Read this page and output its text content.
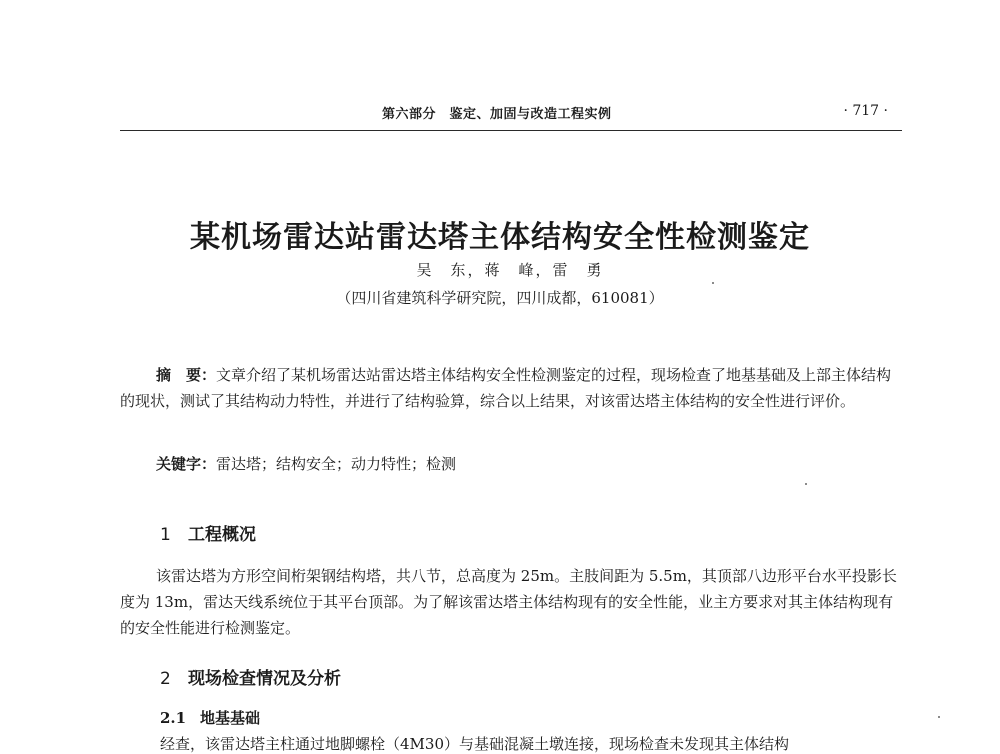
第六部分　鉴定、加固与改造工程实例	· 717 ·
某机场雷达站雷达塔主体结构安全性检测鉴定
吴　东，蒋　峰，雷　勇
（四川省建筑科学研究院，四川成都，610081）
摘　要：文章介绍了某机场雷达站雷达塔主体结构安全性检测鉴定的过程，现场检查了地基基础及上部主体结构的现状，测试了其结构动力特性，并进行了结构验算，综合以上结果，对该雷达塔主体结构的安全性进行评价。
关键字：雷达塔；结构安全；动力特性；检测
1 工程概况
该雷达塔为方形空间桁架钢结构塔，共八节，总高度为 25m。主肢间距为 5.5m，其顶部八边形平台水平投影长度为 13m，雷达天线系统位于其平台顶部。为了解该雷达塔主体结构现有的安全性能，业主方要求对其主体结构现有的安全性能进行检测鉴定。
2 现场检查情况及分析
2.1 地基基础
经查，该雷达塔主柱通过地脚螺栓（4M30）与基础混凝土墩连接，现场检查未发现其主体结构
